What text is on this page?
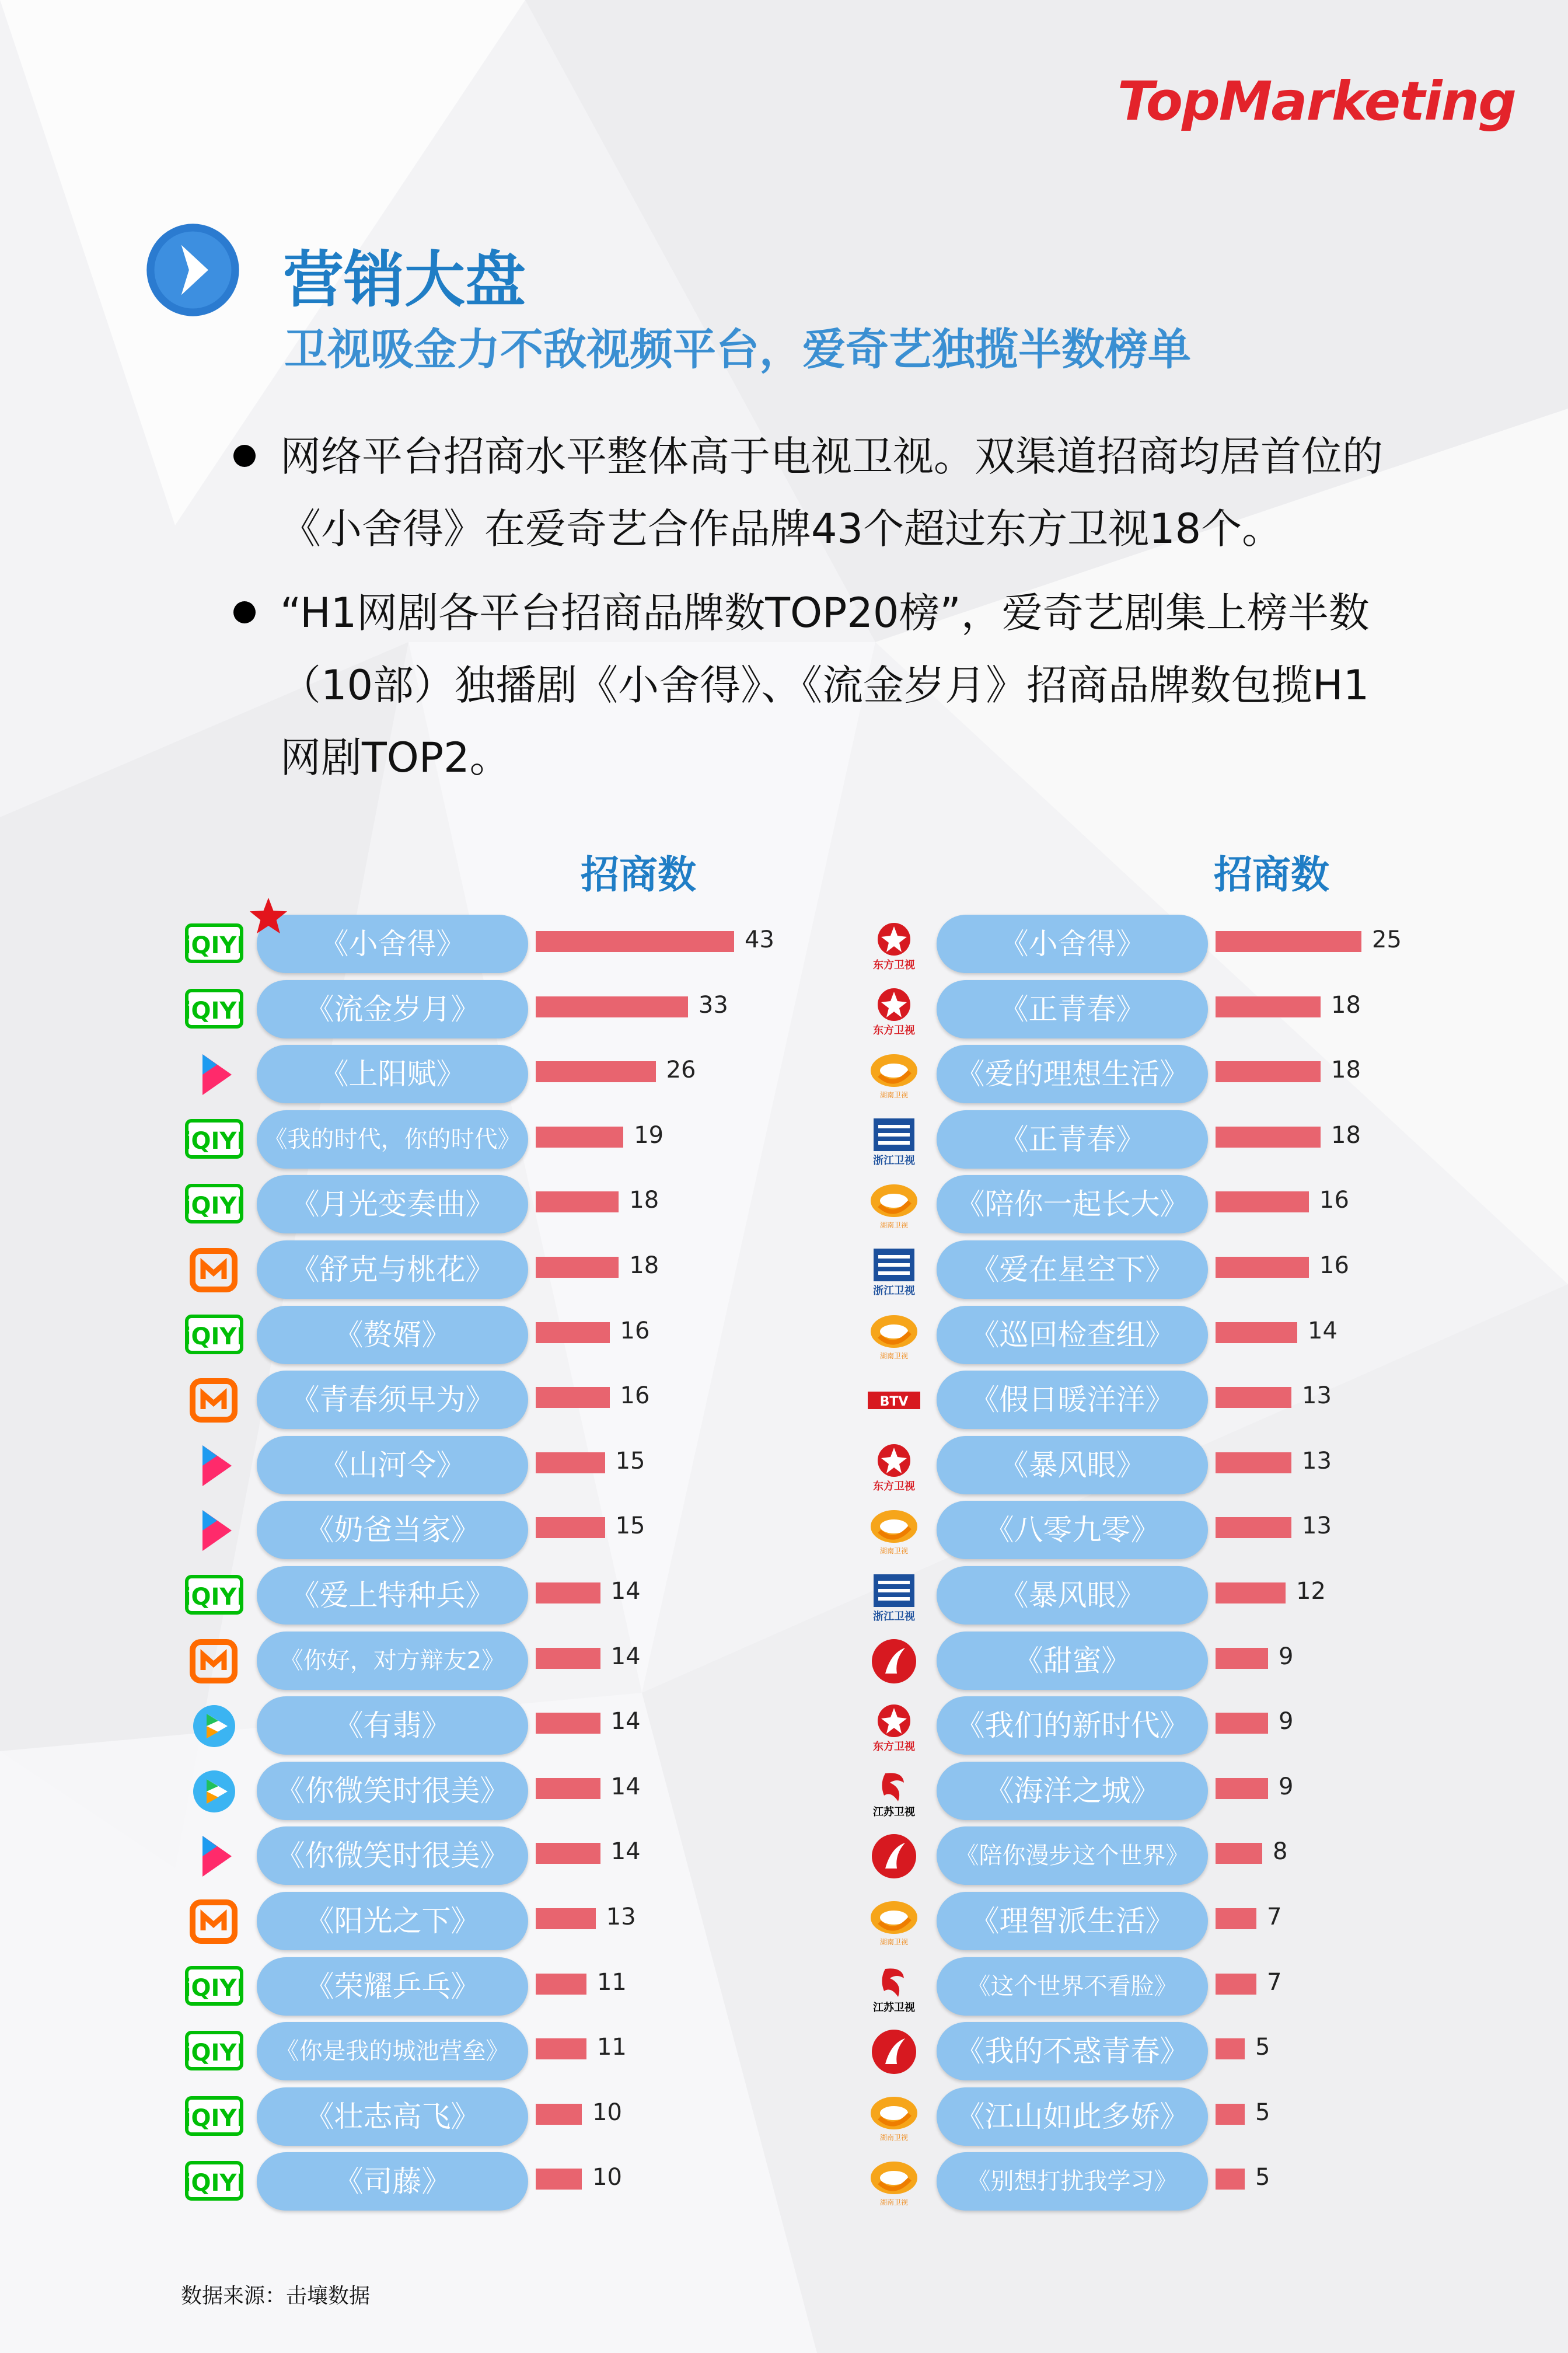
TopMarketing
营销大盘
卫视吸金力不敌视频平台，爱奇艺独揽半数榜单
网络平台招商水平整体高于电视卫视。双渠道招商均居首位的《小舍得》在爱奇艺合作品牌43个超过东方卫视18个。
“H1网剧各平台招商品牌数TOP20榜”，爱奇艺剧集上榜半数（10部）独播剧《小舍得》、《流金岁月》招商品牌数包揽H1网剧TOP2。
招商数	招商数
iQIYI	《小舍得》	43
iQIYI	《流金岁月》	33
《上阳赋》	26
iQIYI 《我的时代，你的时代》	19
iQIYI	《月光变奏曲》	18
《舒克与桃花》	18
iQIYI	《赘婿》	16
《青春须早为》	16
《山河令》	15
《奶爸当家》	15
iQIYI	《爱上特种兵》	14
《你好，对方辩友2》	14
《有翡》	14
《你微笑时很美》	14
《你微笑时很美》	14
《阳光之下》	13
iQIYI	《荣耀乒乓》	11
iQIYI	《你是我的城池营垒》	11
iQIYI	《壮志高飞》	10
iQIYI	《司藤》	10
东方卫视
《小舍得》	25
东方卫视
《正青春》	18
湖南卫视
《爱的理想生活》	18
浙江卫视
《正青春》	18
湖南卫视
《陪你一起长大》	16
浙江卫视
《爱在星空下》	16
湖南卫视
《巡回检查组》	14
BTV	《假日暖洋洋》	13
东方卫视
《暴风眼》	13
湖南卫视
《八零九零》	13
浙江卫视
《暴风眼》	12
《甜蜜》	9
东方卫视
《我们的新时代》	9
江苏卫视
《海洋之城》	9
《陪你漫步这个世界》	8
湖南卫视
《理智派生活》	7
江苏卫视
《这个世界不看脸》	7
《我的不惑青春》	5
湖南卫视
《江山如此多娇》	5
湖南卫视
《别想打扰我学习》	5
数据来源：击壤数据
